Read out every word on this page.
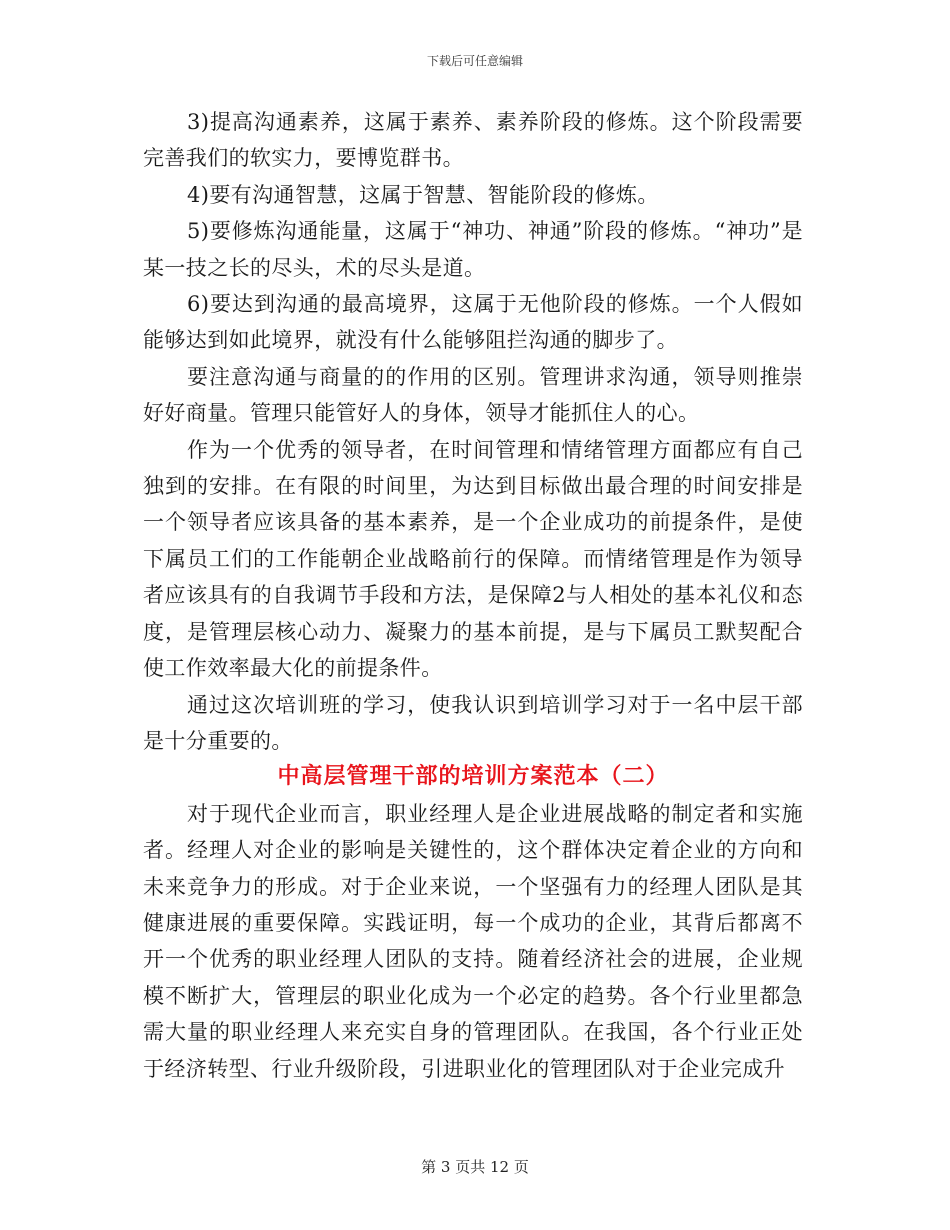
下载后可任意编辑

3)提高沟通素养，这属于素养、素养阶段的修炼。这个阶段需要完善我们的软实力，要博览群书。

4)要有沟通智慧，这属于智慧、智能阶段的修炼。

5)要修炼沟通能量，这属于“神功、神通”阶段的修炼。“神功”是某一技之长的尽头，术的尽头是道。

6)要达到沟通的最高境界，这属于无他阶段的修炼。一个人假如能够达到如此境界，就没有什么能够阻拦沟通的脚步了。

要注意沟通与商量的的作用的区别。管理讲求沟通，领导则推崇好好商量。管理只能管好人的身体，领导才能抓住人的心。

作为一个优秀的领导者，在时间管理和情绪管理方面都应有自己独到的安排。在有限的时间里，为达到目标做出最合理的时间安排是一个领导者应该具备的基本素养，是一个企业成功的前提条件，是使下属员工们的工作能朝企业战略前行的保障。而情绪管理是作为领导者应该具有的自我调节手段和方法，是保障2与人相处的基本礼仪和态度，是管理层核心动力、凝聚力的基本前提，是与下属员工默契配合使工作效率最大化的前提条件。

通过这次培训班的学习，使我认识到培训学习对于一名中层干部是十分重要的。

中高层管理干部的培训方案范本（二）

对于现代企业而言，职业经理人是企业进展战略的制定者和实施者。经理人对企业的影响是关键性的，这个群体决定着企业的方向和未来竞争力的形成。对于企业来说，一个坚强有力的经理人团队是其健康进展的重要保障。实践证明，每一个成功的企业，其背后都离不开一个优秀的职业经理人团队的支持。随着经济社会的进展，企业规模不断扩大，管理层的职业化成为一个必定的趋势。各个行业里都急需大量的职业经理人来充实自身的管理团队。在我国，各个行业正处于经济转型、行业升级阶段，引进职业化的管理团队对于企业完成升

第 3 页共 12 页
